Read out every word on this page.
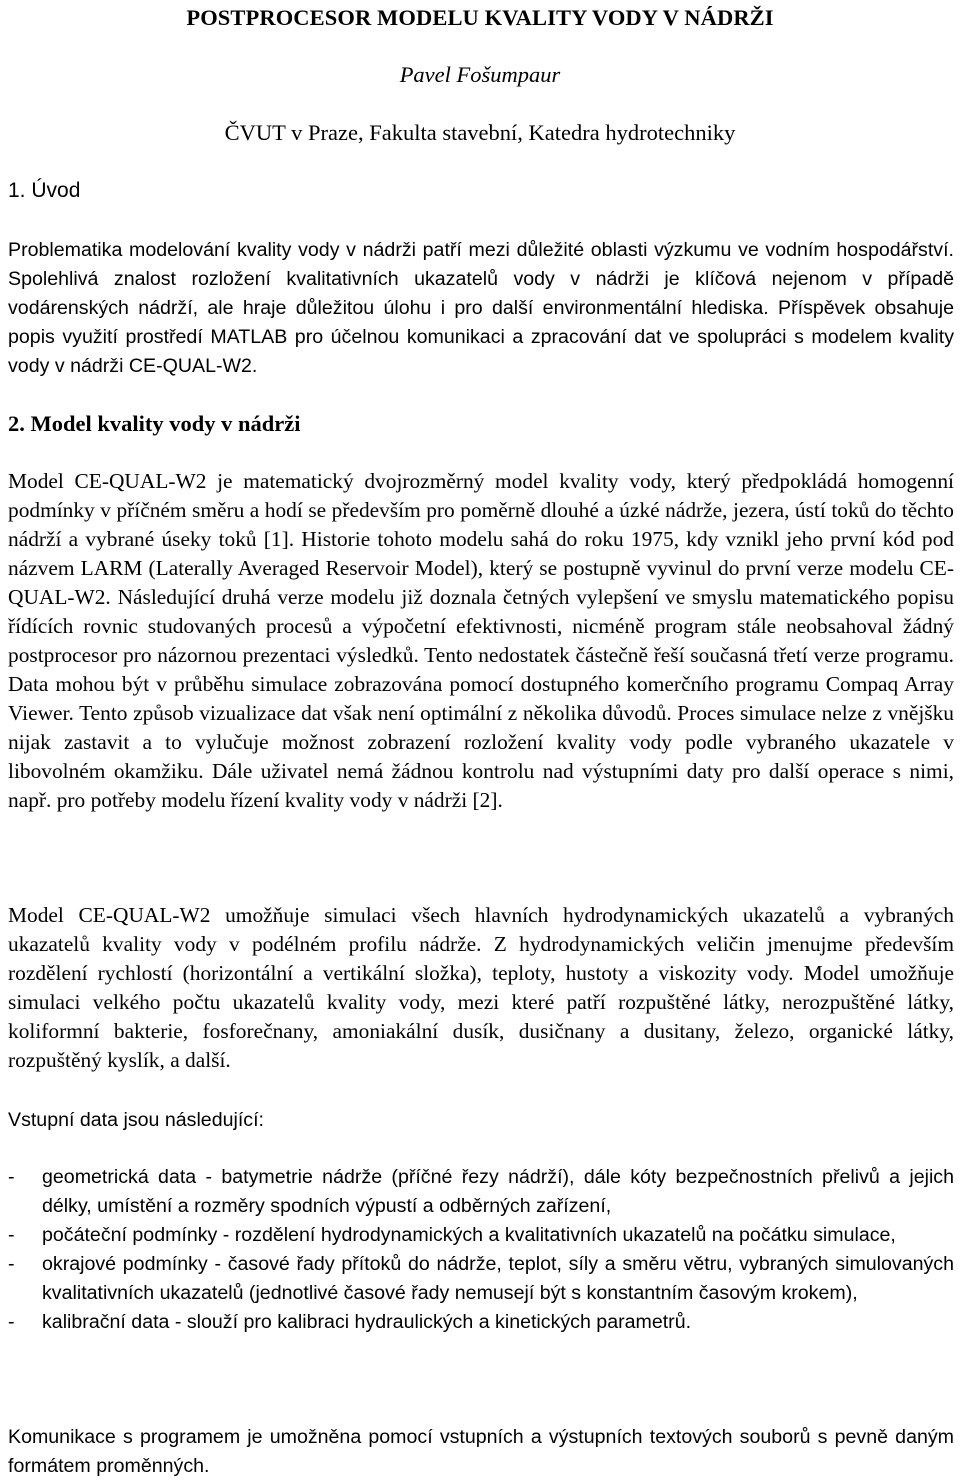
POSTPROCESOR MODELU KVALITY VODY V NÁDRŽI

Pavel Fošumpaur

ČVUT v Praze, Fakulta stavební, Katedra hydrotechniky

1. Úvod

Problematika modelování kvality vody v nádrži patří mezi důležité oblasti výzkumu ve vodním hospodářství. Spolehlivá znalost rozložení kvalitativních ukazatelů vody v nádrži je klíčová nejenom v případě vodárenských nádrží, ale hraje důležitou úlohu i pro další environmentální hlediska. Příspěvek obsahuje popis využití prostředí MATLAB pro účelnou komunikaci a zpracování dat ve spolupráci s modelem kvality vody v nádrži CE-QUAL-W2.

2. Model kvality vody v nádrži

Model CE-QUAL-W2 je matematický dvojrozměrný model kvality vody, který předpokládá homogenní podmínky v příčném směru a hodí se především pro poměrně dlouhé a úzké nádrže, jezera, ústí toků do těchto nádrží a vybrané úseky toků [1]. Historie tohoto modelu sahá do roku 1975, kdy vznikl jeho první kód pod názvem LARM (Laterally Averaged Reservoir Model), který se postupně vyvinul do první verze modelu CE-QUAL-W2. Následující druhá verze modelu již doznala četných vylepšení ve smyslu matematického popisu řídících rovnic studovaných procesů a výpočetní efektivnosti, nicméně program stále neobsahoval žádný postprocesor pro názornou prezentaci výsledků. Tento nedostatek částečně řeší současná třetí verze programu. Data mohou být v průběhu simulace zobrazována pomocí dostupného komerčního programu Compaq Array Viewer. Tento způsob vizualizace dat však není optimální z několika důvodů. Proces simulace nelze z vnějšku nijak zastavit a to vylučuje možnost zobrazení rozložení kvality vody podle vybraného ukazatele v libovolném okamžiku. Dále uživatel nemá žádnou kontrolu nad výstupními daty pro další operace s nimi, např. pro potřeby modelu řízení kvality vody v nádrži [2].

Model CE-QUAL-W2 umožňuje simulaci všech hlavních hydrodynamických ukazatelů a vybraných ukazatelů kvality vody v podélném profilu nádrže. Z hydrodynamických veličin jmenujme především rozdělení rychlostí (horizontální a vertikální složka), teploty, hustoty a viskozity vody. Model umožňuje simulaci velkého počtu ukazatelů kvality vody, mezi které patří rozpuštěné látky, nerozpuštěné látky, koliformní bakterie, fosforečnany, amoniakální dusík, dusičnany a dusitany, železo, organické látky, rozpuštěný kyslík, a další.

Vstupní data jsou následující:

- geometrická data - batymetrie nádrže (příčné řezy nádrží), dále kóty bezpečnostních přelivů a jejich délky, umístění a rozměry spodních výpustí a odběrných zařízení,
- počáteční podmínky - rozdělení hydrodynamických a kvalitativních ukazatelů na počátku simulace,
- okrajové podmínky - časové řady přítoků do nádrže, teplot, síly a směru větru, vybraných simulovaných kvalitativních ukazatelů (jednotlivé časové řady nemusejí být s konstantním časovým krokem),
- kalibrační data - slouží pro kalibraci hydraulických a kinetických parametrů.

Komunikace s programem je umožněna pomocí vstupních a výstupních textových souborů s pevně daným formátem proměnných.
